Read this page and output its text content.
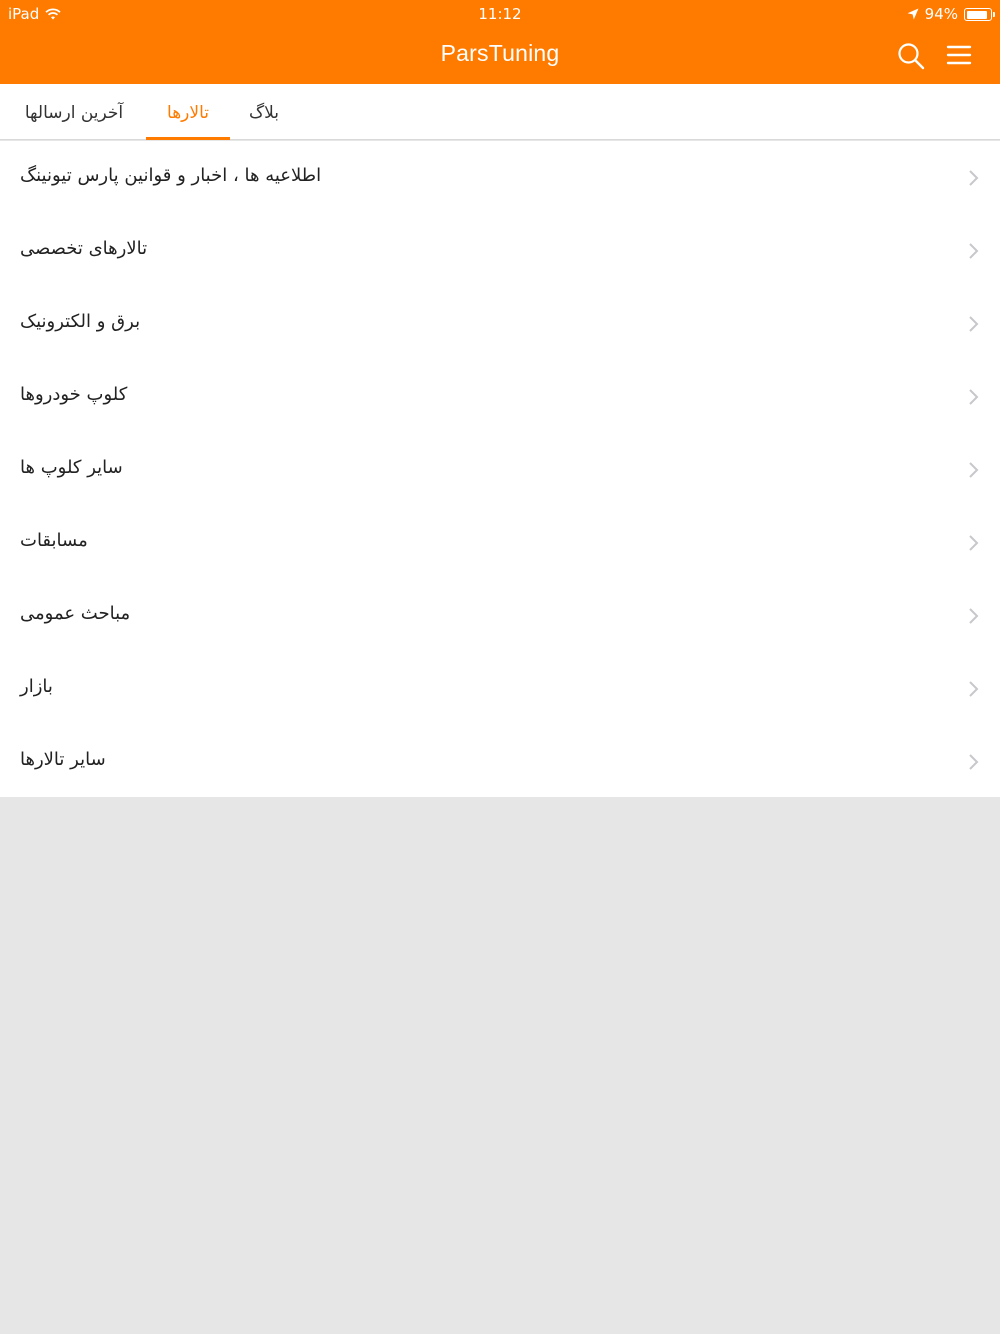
iPad	11:12	94%
ParsTuning
آخرین ارسالها	تالارها	بلاگ
اطلاعیه ها ، اخبار و قوانین پارس تیونینگ
تالارهای تخصصی
برق و الکترونیک
کلوپ خودروها
سایر کلوپ ها
مسابقات
مباحث عمومی
بازار
سایر تالارها
